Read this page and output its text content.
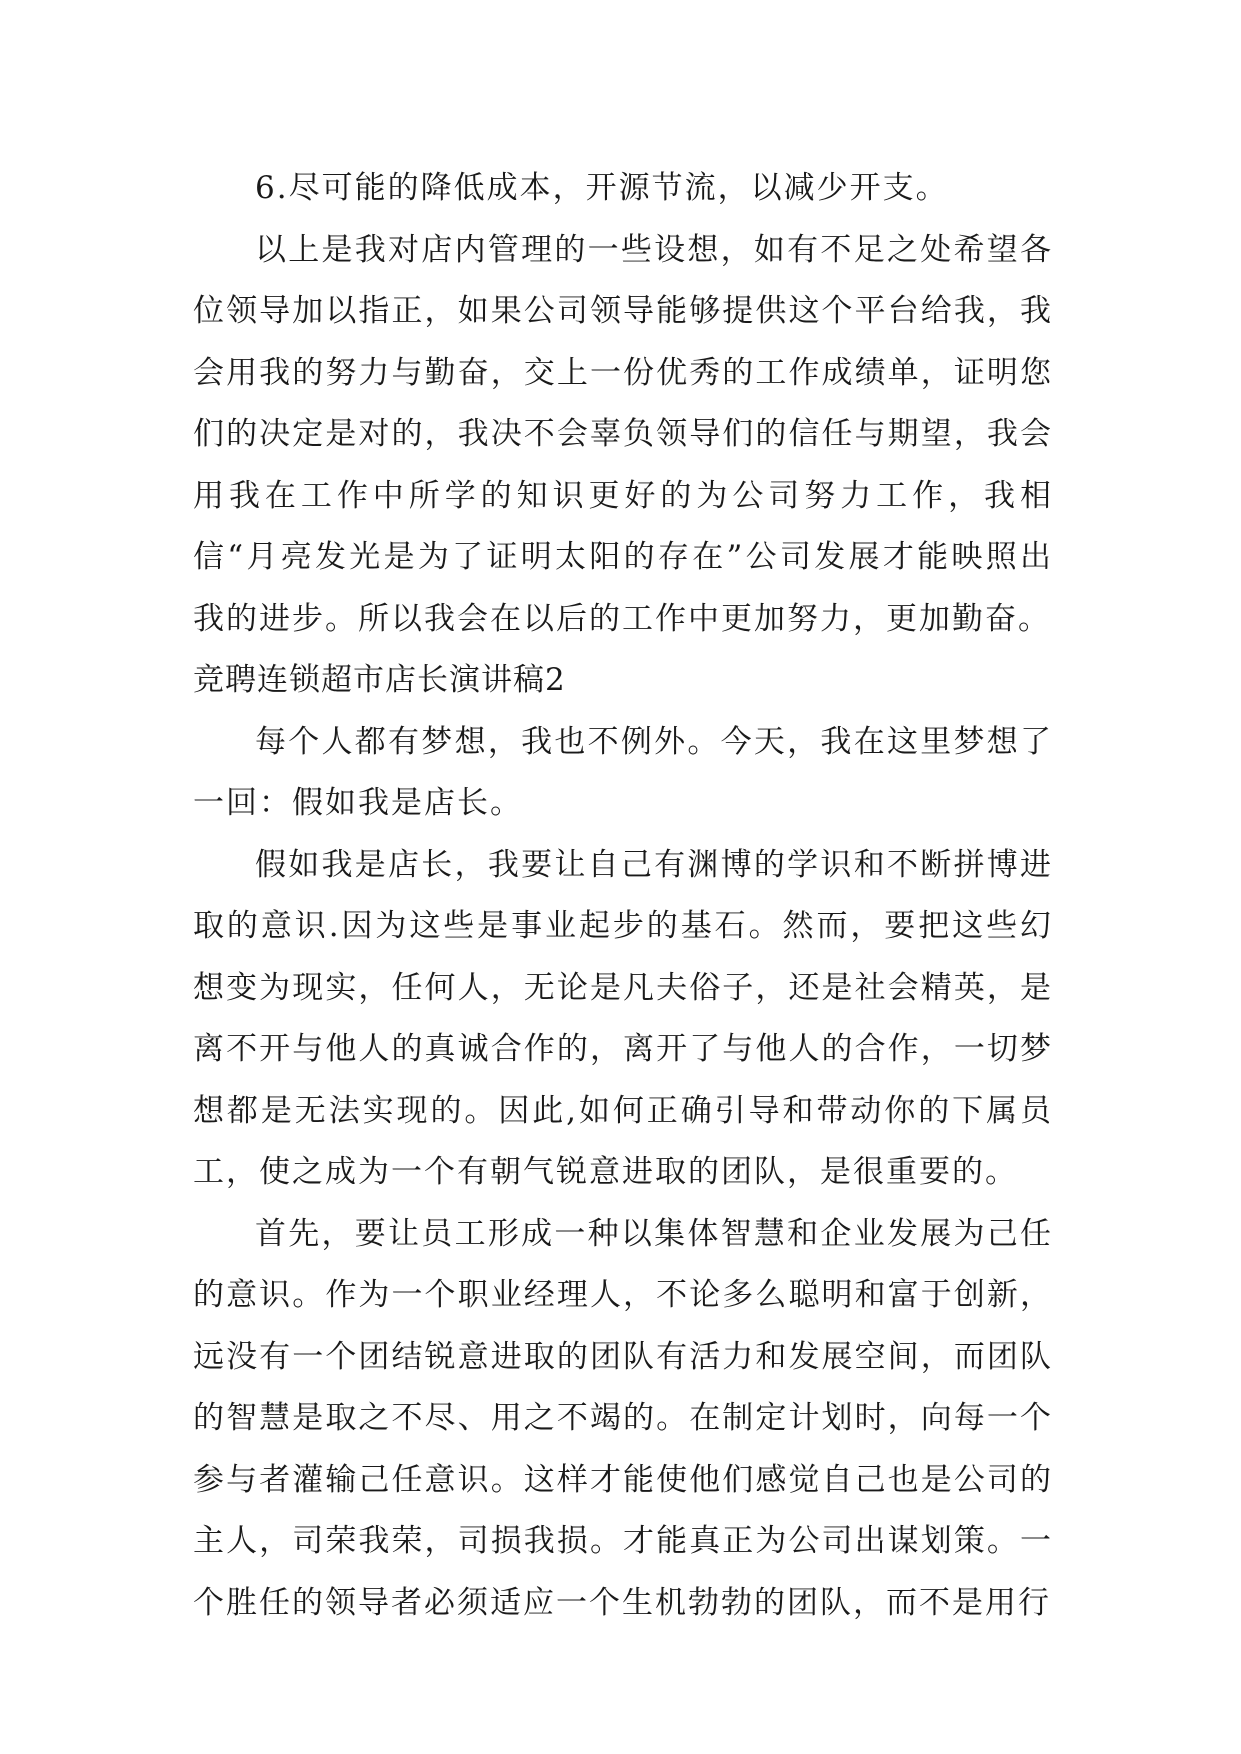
6.尽可能的降低成本，开源节流，以减少开支。

以上是我对店内管理的一些设想，如有不足之处希望各位领导加以指正，如果公司领导能够提供这个平台给我，我会用我的努力与勤奋，交上一份优秀的工作成绩单，证明您们的决定是对的，我决不会辜负领导们的信任与期望，我会用我在工作中所学的知识更好的为公司努力工作，我相信“月亮发光是为了证明太阳的存在”公司发展才能映照出我的进步。所以我会在以后的工作中更加努力，更加勤奋。

竞聘连锁超市店长演讲稿2

每个人都有梦想，我也不例外。今天，我在这里梦想了一回：假如我是店长。

假如我是店长，我要让自己有渊博的学识和不断拼博进取的意识.因为这些是事业起步的基石。然而，要把这些幻想变为现实，任何人，无论是凡夫俗子，还是社会精英，是离不开与他人的真诚合作的，离开了与他人的合作，一切梦想都是无法实现的。因此,如何正确引导和带动你的下属员工，使之成为一个有朝气锐意进取的团队，是很重要的。

首先，要让员工形成一种以集体智慧和企业发展为己任的意识。作为一个职业经理人，不论多么聪明和富于创新，远没有一个团结锐意进取的团队有活力和发展空间，而团队的智慧是取之不尽、用之不竭的。在制定计划时，向每一个参与者灌输己任意识。这样才能使他们感觉自己也是公司的主人，司荣我荣，司损我损。才能真正为公司出谋划策。一个胜任的领导者必须适应一个生机勃勃的团队，而不是用行
